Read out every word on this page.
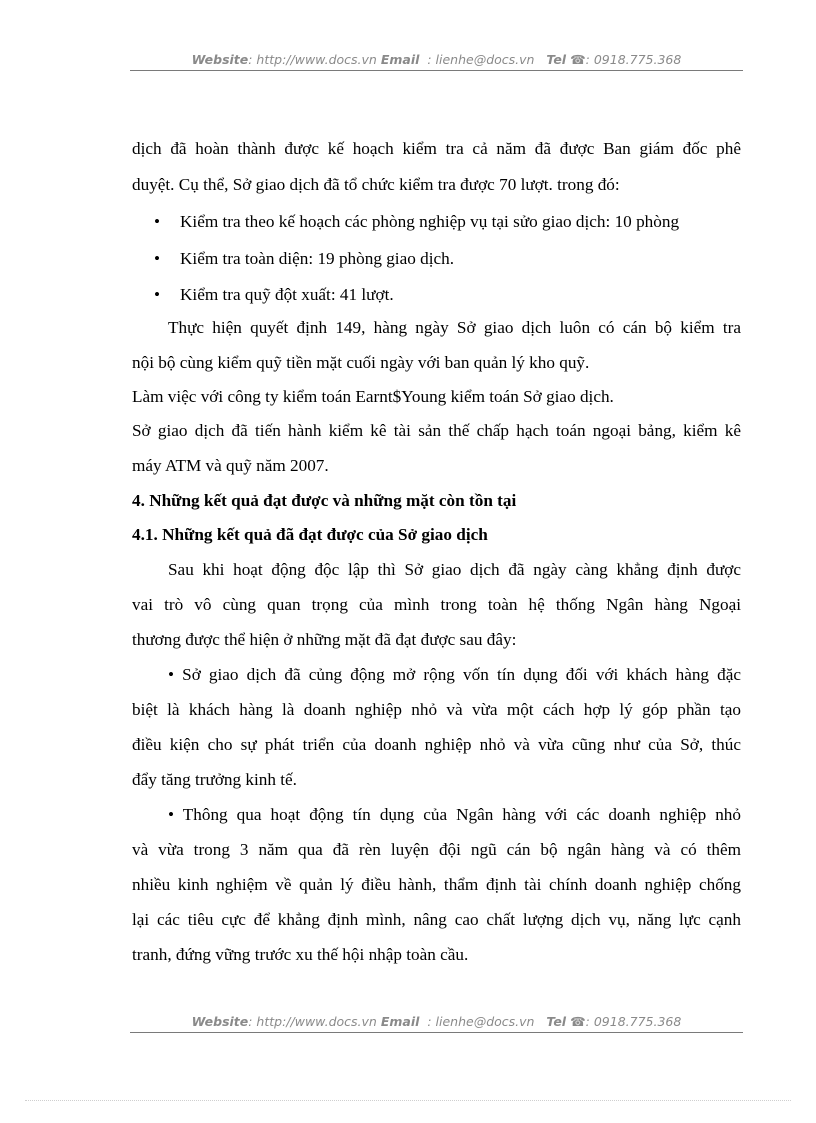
Website: http://www.docs.vn Email : lienhe@docs.vn Tel ☎: 0918.775.368
dịch đã hoàn thành được kế hoạch kiểm tra cả năm đã được Ban giám đốc phê
duyệt. Cụ thể, Sở giao dịch đã tổ chức kiểm tra được 70 lượt. trong đó:
• Kiểm tra theo kế hoạch các phòng nghiệp vụ tại sửo giao dịch: 10 phòng
• Kiểm tra toàn diện: 19 phòng giao dịch.
• Kiểm tra quỹ đột xuất: 41 lượt.
Thực hiện quyết định 149, hàng ngày Sở giao dịch luôn có cán bộ kiểm tra
nội bộ cùng kiểm quỹ tiền mặt cuối ngày với ban quản lý kho quỹ.
Làm việc với công ty kiểm toán Earnt$Young kiểm toán Sở giao dịch.
Sở giao dịch đã tiến hành kiểm kê tài sản thế chấp hạch toán ngoại bảng, kiểm kê
máy ATM và quỹ năm 2007.
4. Những kết quả đạt được và những mặt còn tồn tại
4.1. Những kết quả đã đạt được của Sở giao dịch
Sau khi hoạt động độc lập thì Sở giao dịch đã ngày càng khẳng định được
vai trò vô cùng quan trọng của mình trong toàn hệ thống Ngân hàng Ngoại
thương được thể hiện ở những mặt đã đạt được sau đây:
• Sở giao dịch đã củng động mở rộng vốn tín dụng đối với khách hàng đặc
biệt là khách hàng là doanh nghiệp nhỏ và vừa một cách hợp lý góp phần tạo
điều kiện cho sự phát triển của doanh nghiệp nhỏ và vừa cũng như của Sở, thúc
đẩy tăng trưởng kinh tế.
• Thông qua hoạt động tín dụng của Ngân hàng với các doanh nghiệp nhỏ
và vừa trong 3 năm qua đã rèn luyện đội ngũ cán bộ ngân hàng và có thêm
nhiều kinh nghiệm về quản lý điều hành, thẩm định tài chính doanh nghiệp chống
lại các tiêu cực để khẳng định mình, nâng cao chất lượng dịch vụ, năng lực cạnh
tranh, đứng vững trước xu thế hội nhập toàn cầu.
Website: http://www.docs.vn Email : lienhe@docs.vn Tel ☎: 0918.775.368
